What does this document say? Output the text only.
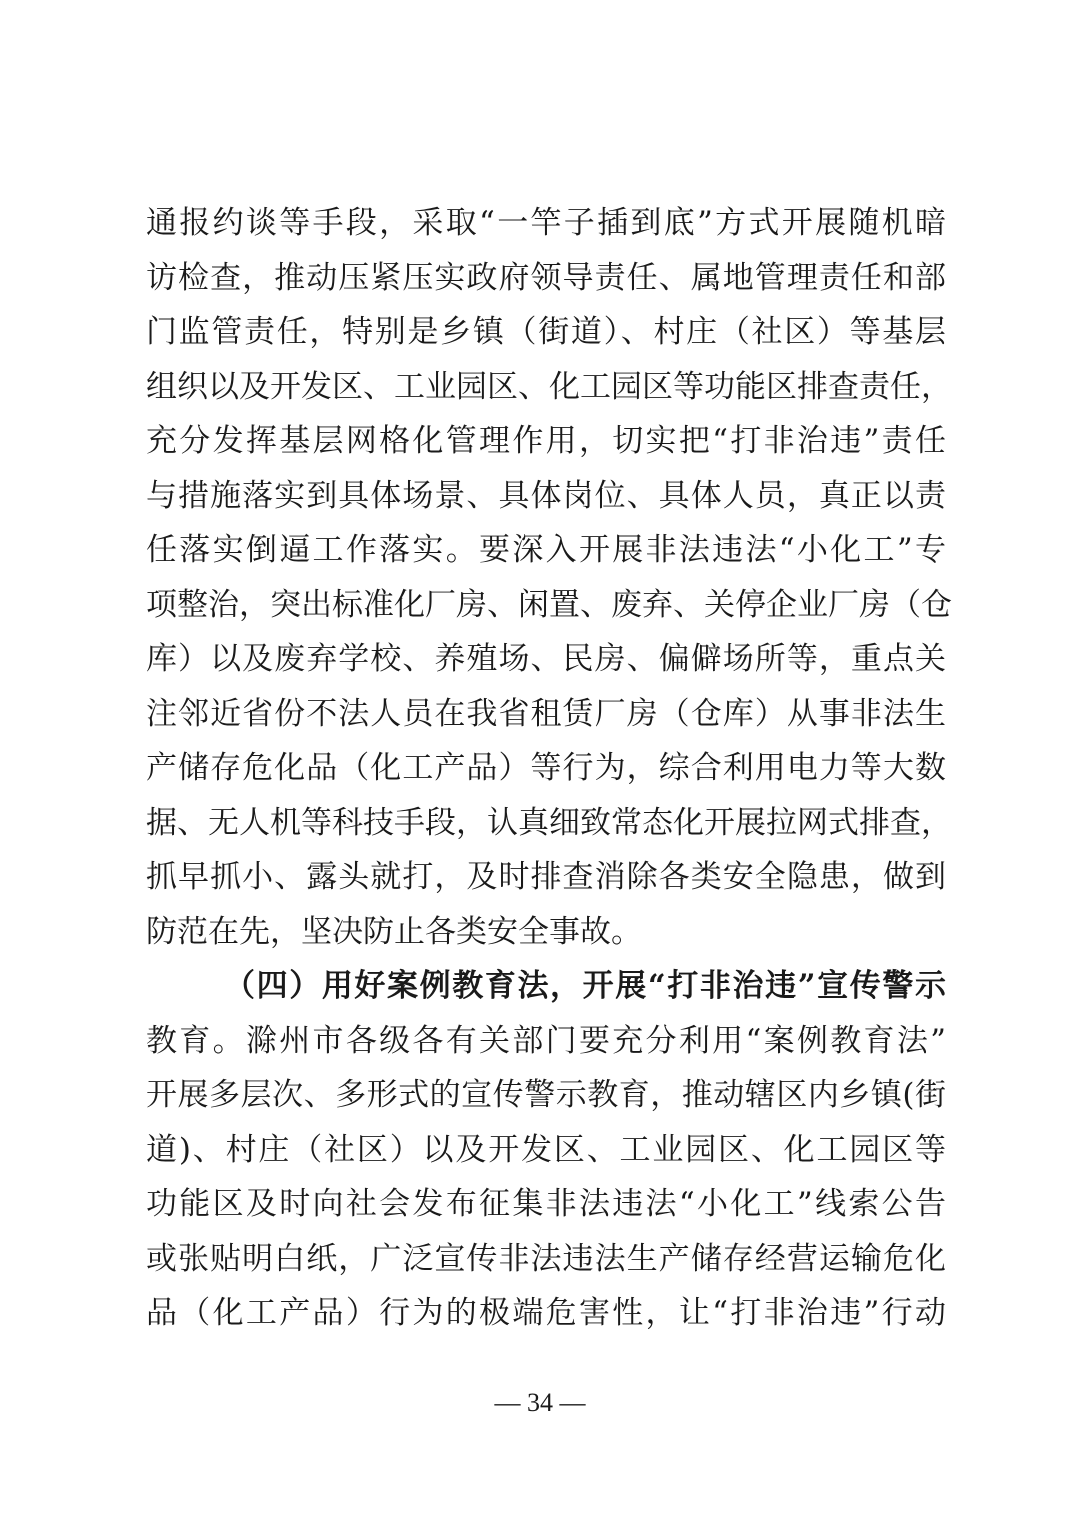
通报约谈等手段，采取“一竿子插到底”方式开展随机暗
访检查，推动压紧压实政府领导责任、属地管理责任和部
门监管责任，特别是乡镇（街道）、村庄（社区）等基层
组织以及开发区、工业园区、化工园区等功能区排查责任，
充分发挥基层网格化管理作用，切实把“打非治违”责任
与措施落实到具体场景、具体岗位、具体人员，真正以责
任落实倒逼工作落实。要深入开展非法违法“小化工”专
项整治，突出标准化厂房、闲置、废弃、关停企业厂房（仓
库）以及废弃学校、养殖场、民房、偏僻场所等，重点关
注邻近省份不法人员在我省租赁厂房（仓库）从事非法生
产储存危化品（化工产品）等行为，综合利用电力等大数
据、无人机等科技手段，认真细致常态化开展拉网式排查，
抓早抓小、露头就打，及时排查消除各类安全隐患，做到
防范在先，坚决防止各类安全事故。
（四）用好案例教育法，开展“打非治违”宣传警示
教育。滁州市各级各有关部门要充分利用“案例教育法”
开展多层次、多形式的宣传警示教育，推动辖区内乡镇(街
道)、村庄（社区）以及开发区、工业园区、化工园区等
功能区及时向社会发布征集非法违法“小化工”线索公告
或张贴明白纸，广泛宣传非法违法生产储存经营运输危化
品（化工产品）行为的极端危害性，让“打非治违”行动
— 34 —
